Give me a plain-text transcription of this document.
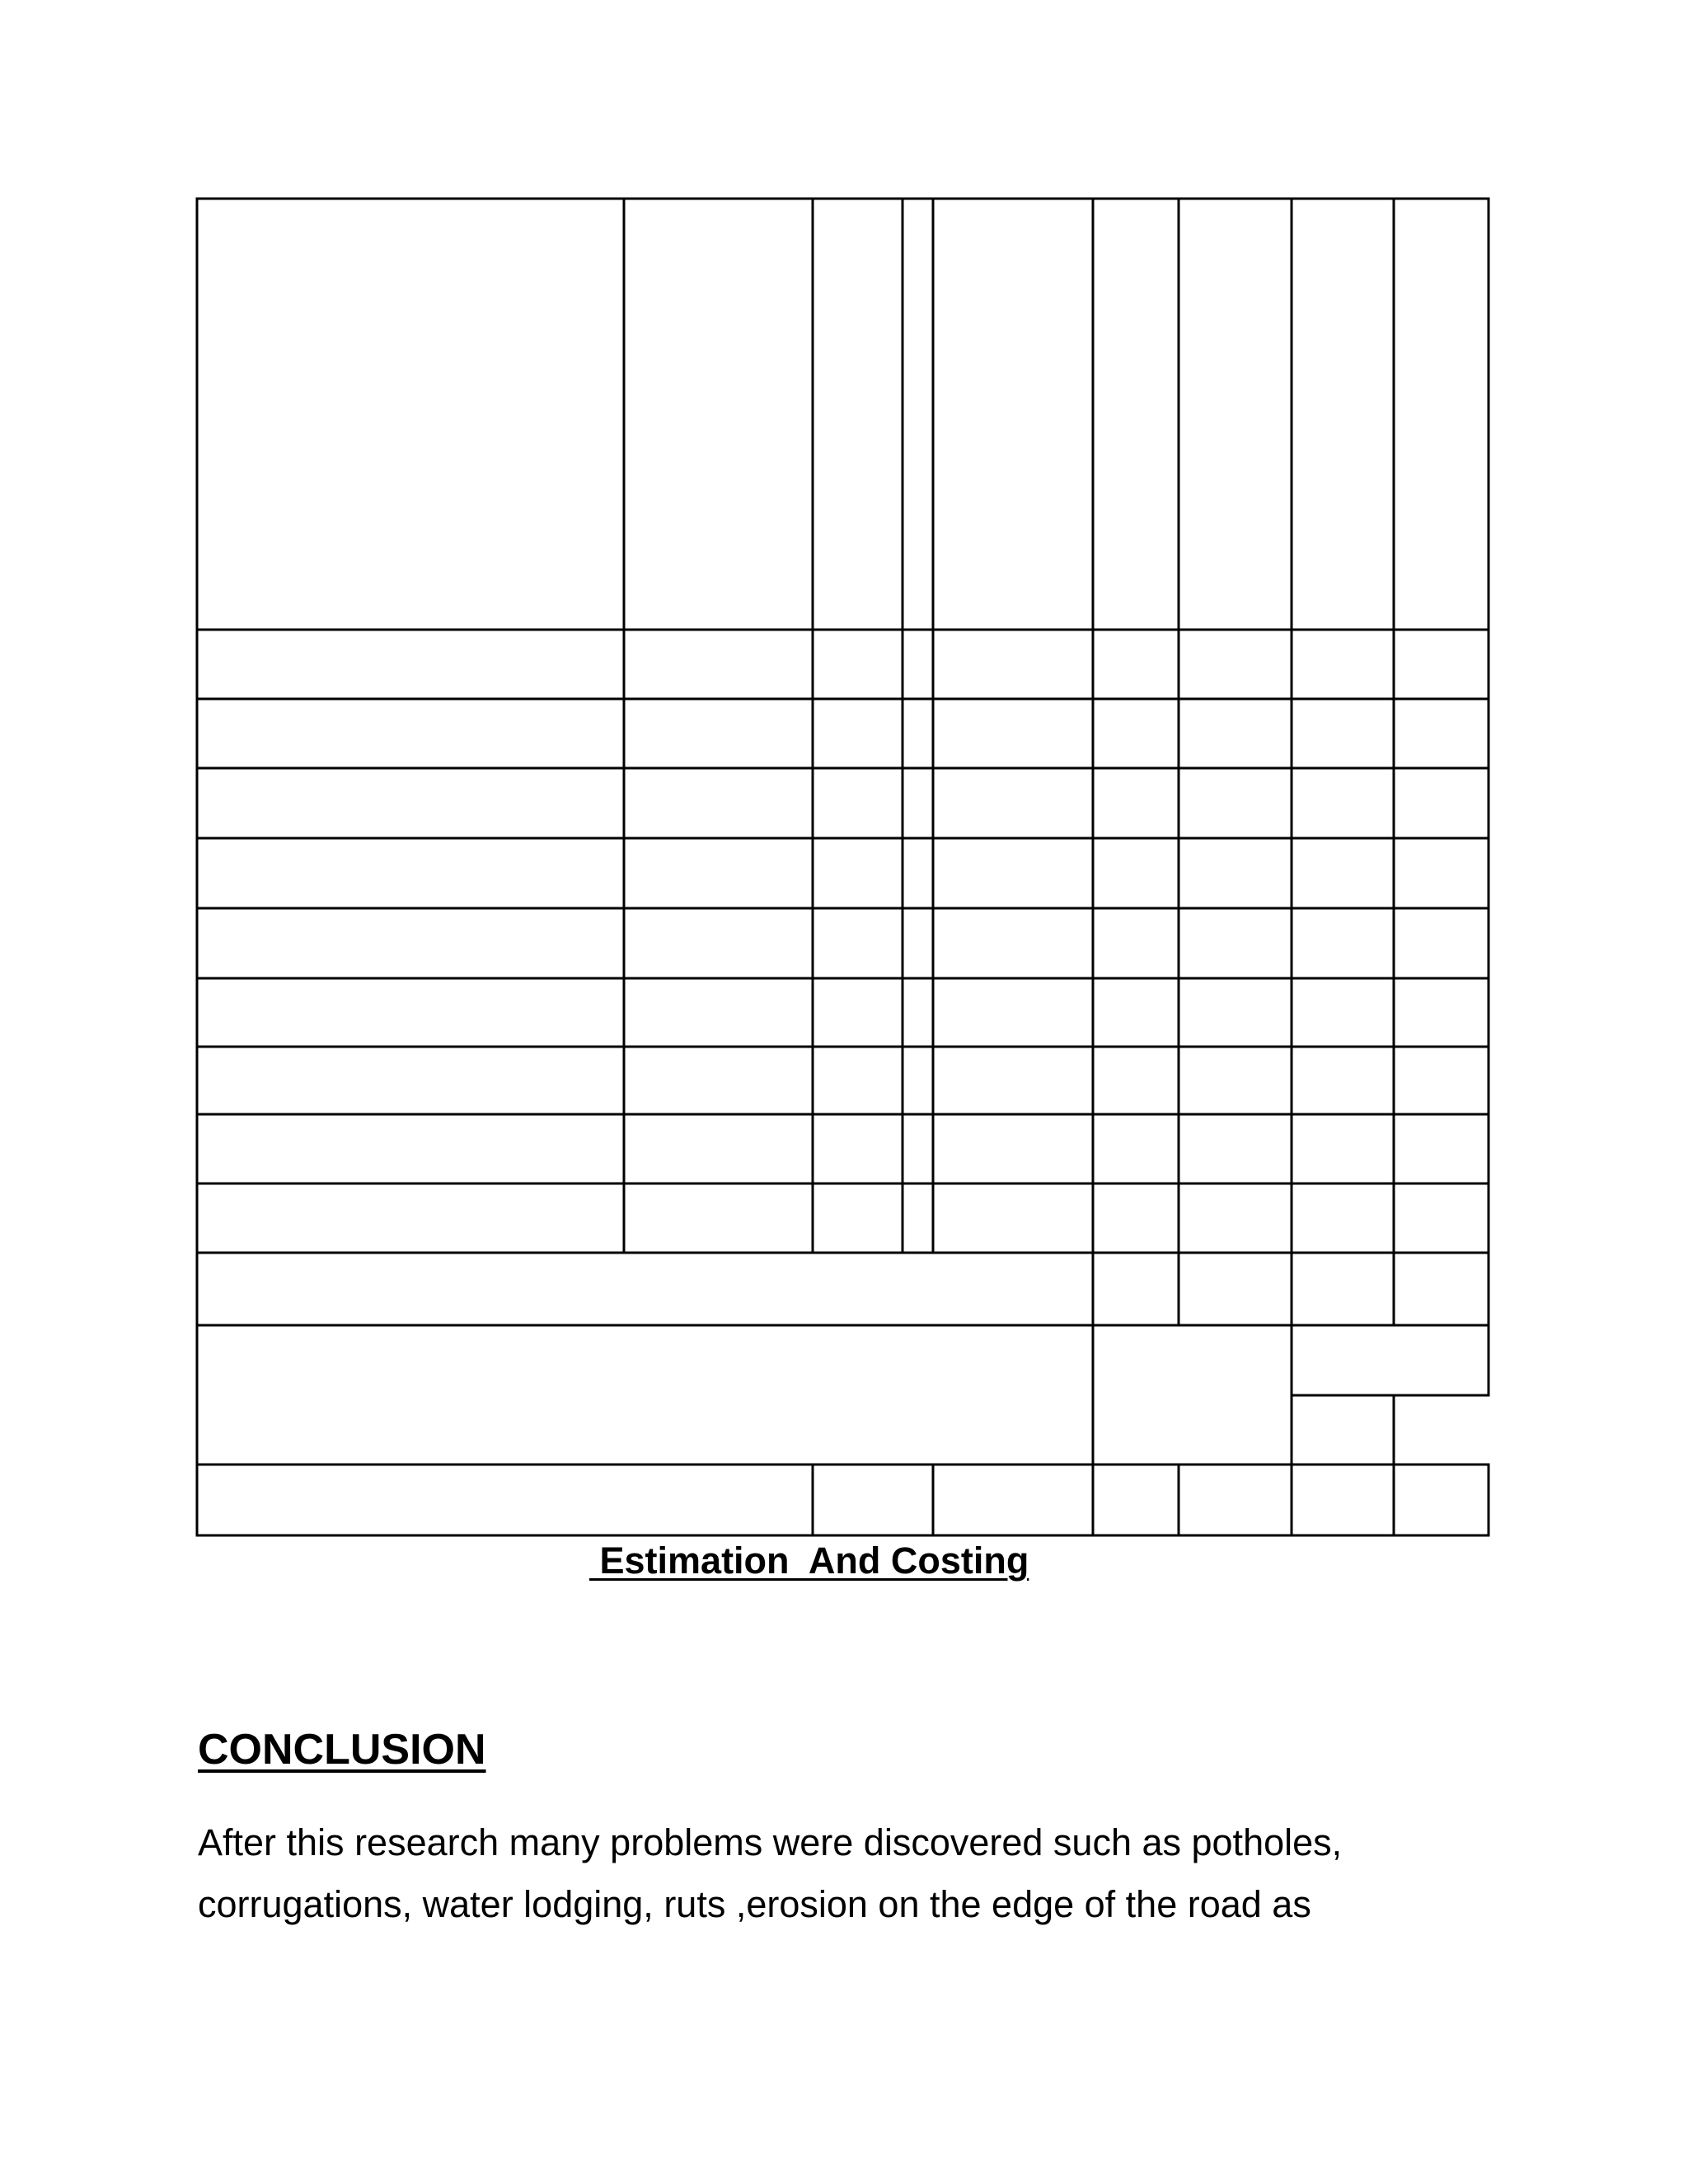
Estimation  And Costing
CONCLUSION

After this research many problems were discovered such as potholes,
corrugations, water lodging, ruts ,erosion on the edge of the road as
